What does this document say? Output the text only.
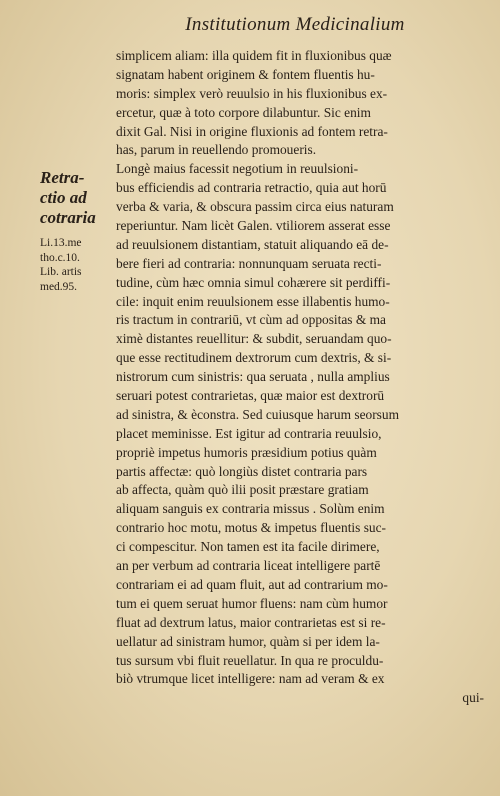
Institutionum Medicinalium
Retra-
ctio ad
cotraria
Li.13.me
tho.c.10.
Lib. artis
med.95.
simplicem aliam: illa quidem fit in fluxionibus quæ
signatam habent originem & fontem fluentis hu-
moris: simplex verò reuulsio in his fluxionibus ex-
ercetur, quæ à toto corpore dilabuntur. Sic enim
dixit Gal. Nisi in origine fluxionis ad fontem retra-
has, parum in reuellendo promoueris.
Longè maius facessit negotium in reuulsioni-
bus efficiendis ad contraria retractio, quia aut horū
verba & varia, & obscura passim circa eius naturam
reperiuntur. Nam licèt Galen. vtiliorem asserat esse
ad reuulsionem distantiam, statuit aliquando eā de-
bere fieri ad contraria: nonnunquam seruata recti-
tudine, cùm hæc omnia simul cohærere sit perdiffi-
cile: inquit enim reuulsionem esse illabentis humo-
ris tractum in contrariū, vt cùm ad oppositas & ma
ximè distantes reuellitur: & subdit, seruandam quo-
que esse rectitudinem dextrorum cum dextris, & si-
nistrorum cum sinistris: qua seruata , nulla amplius
seruari potest contrarietas, quæ maior est dextrorū
ad sinistra, & èconstra. Sed cuiusque harum seorsum
placet meminisse. Est igitur ad contraria reuulsio,
propriè impetus humoris præsidium potius quàm
partis affectæ: quò longiùs distet contraria pars
ab affecta, quàm quò ilii posit præstare gratiam
aliquam sanguis ex contraria missus . Solùm enim
contrario hoc motu, motus & impetus fluentis suc-
ci compescitur. Non tamen est ita facile dirimere,
an per verbum ad contraria liceat intelligere partē
contrariam ei ad quam fluit, aut ad contrarium mo-
tum ei quem seruat humor fluens: nam cùm humor
fluat ad dextrum latus, maior contrarietas est si re-
uellatur ad sinistram humor, quàm si per idem la-
tus sursum vbi fluit reuellatur. In qua re proculdu-
biò vtrumque licet intelligere: nam ad veram & ex
qui-
